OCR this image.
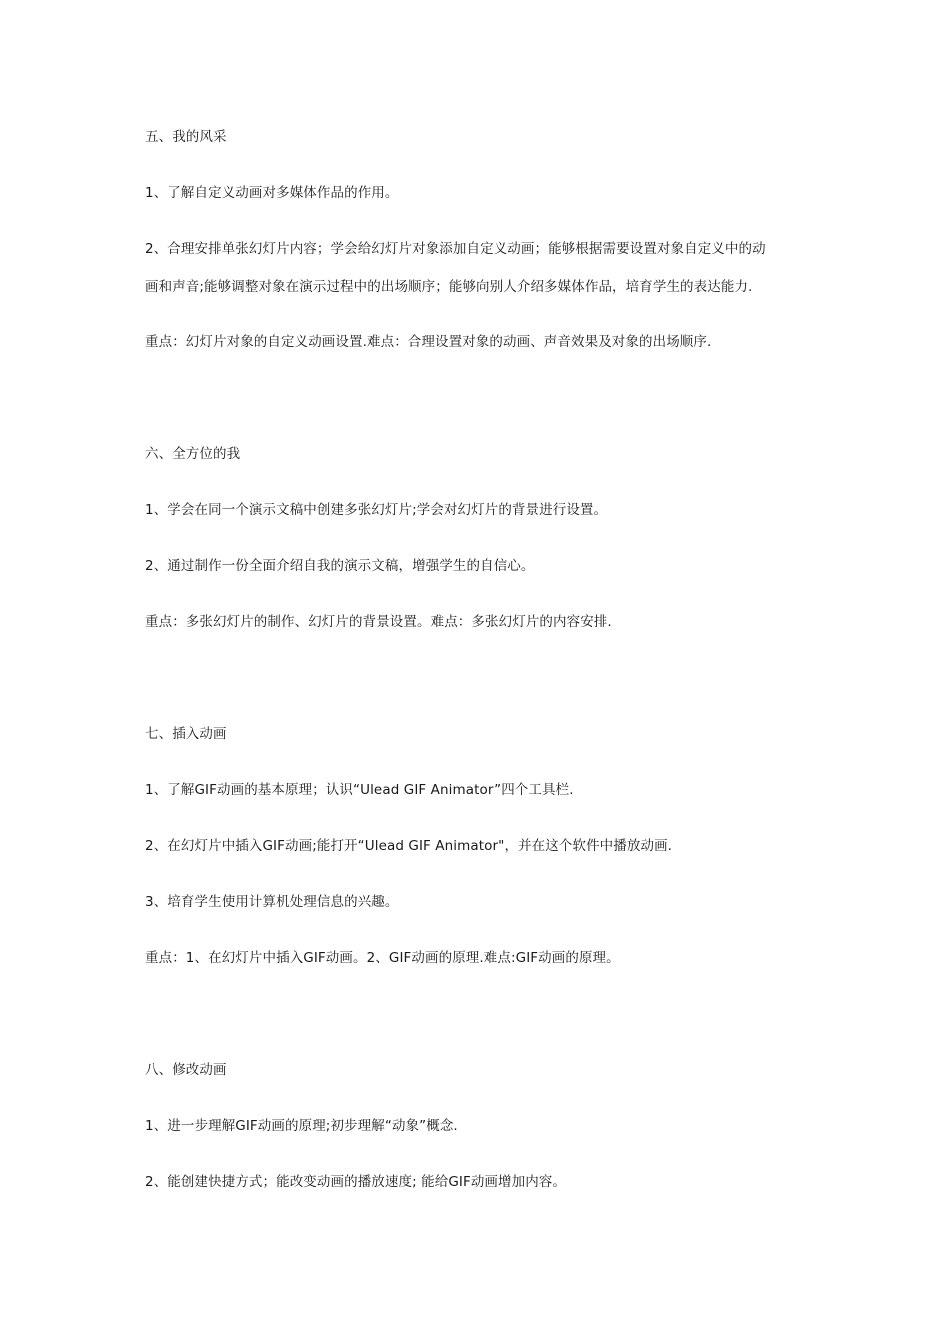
五、我的风采
1、了解自定义动画对多媒体作品的作用。
2、合理安排单张幻灯片内容；学会给幻灯片对象添加自定义动画；能够根据需要设置对象自定义中的动
画和声音;能够调整对象在演示过程中的出场顺序；能够向别人介绍多媒体作品，培育学生的表达能力.
重点：幻灯片对象的自定义动画设置.难点：合理设置对象的动画、声音效果及对象的出场顺序.
六、全方位的我
1、学会在同一个演示文稿中创建多张幻灯片;学会对幻灯片的背景进行设置。
2、通过制作一份全面介绍自我的演示文稿，增强学生的自信心。
重点：多张幻灯片的制作、幻灯片的背景设置。难点：多张幻灯片的内容安排.
七、插入动画
1、了解GIF动画的基本原理；认识“Ulead GIF Animator”四个工具栏.
2、在幻灯片中插入GIF动画;能打开“Ulead GIF Animator"，并在这个软件中播放动画.
3、培育学生使用计算机处理信息的兴趣。
重点：1、在幻灯片中插入GIF动画。2、GIF动画的原理.难点:GIF动画的原理。
八、修改动画
1、进一步理解GIF动画的原理;初步理解“动象”概念.
2、能创建快捷方式；能改变动画的播放速度; 能给GIF动画增加内容。
